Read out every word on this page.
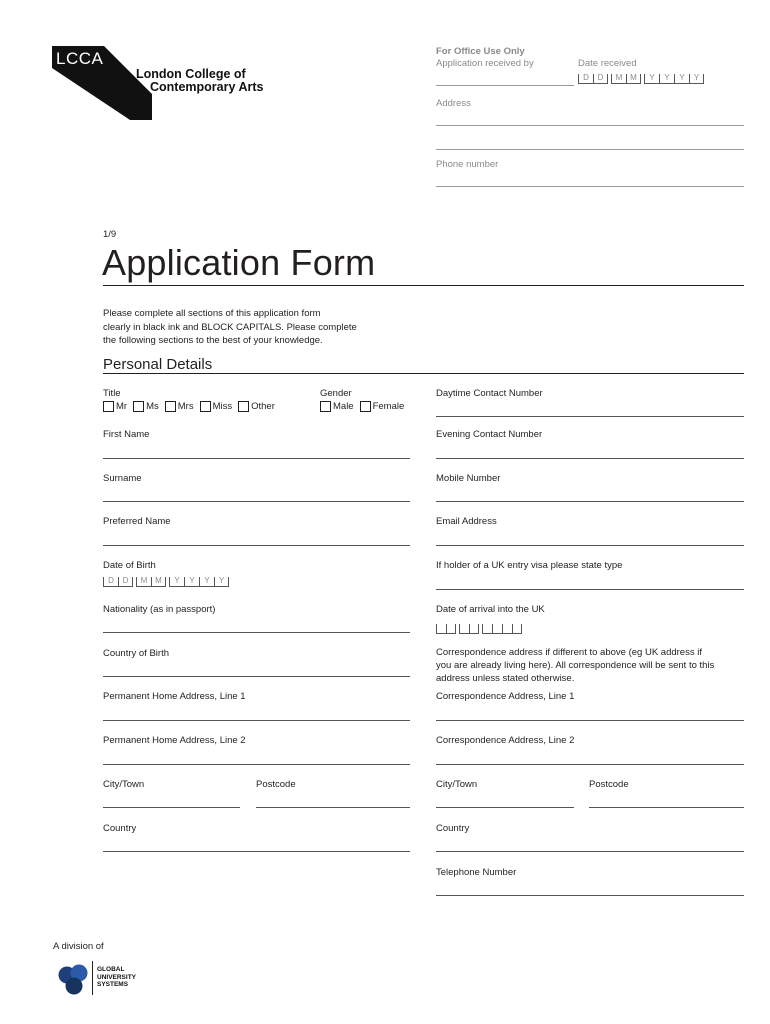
LCCA
London College of
Contemporary Arts
For Office Use Only
Application received by	Date received
D	D	M M	Y	Y	Y	Y
Address
Phone number
1/9
Application Form
Please complete all sections of this application form
clearly in black ink and BLOCK CAPITALS. Please complete
the following sections to the best of your knowledge.
Personal Details
Title
Mr Ms Mrs Miss Other
Gender
Male Female
First Name
Surname
Preferred Name
Date of Birth
D	D	M M	Y	Y	Y	Y
Nationality (as in passport)
Country of Birth
Permanent Home Address, Line 1
Permanent Home Address, Line 2
City/Town	Postcode
Country
Daytime Contact Number
Evening Contact Number
Mobile Number
Email Address
If holder of a UK entry visa please state type
Date of arrival into the UK
Correspondence address if different to above (eg UK address if
you are already living here). All correspondence will be sent to this
address unless stated otherwise.
Correspondence Address, Line 1
Correspondence Address, Line 2
City/Town	Postcode
Country
Telephone Number
A division of
GLOBAL
UNIVERSITY
SYSTEMS
